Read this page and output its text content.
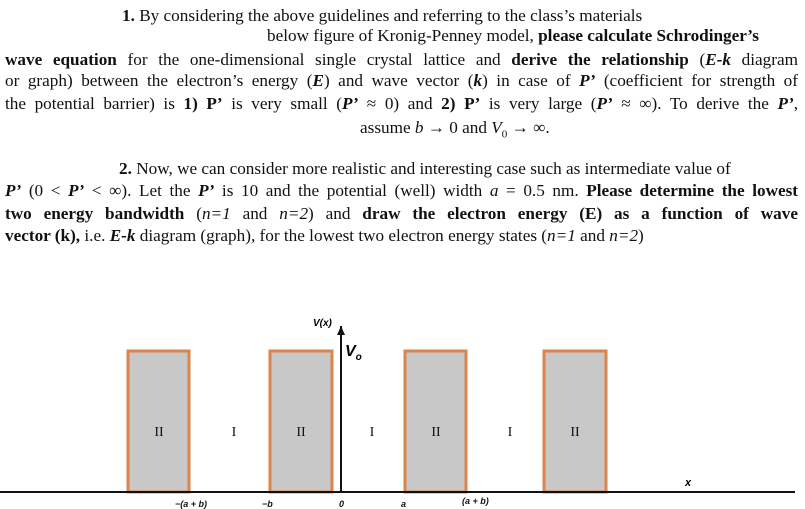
1. By considering the above guidelines and referring to the class’s materials
below figure of Kronig-Penney model, please calculate Schrodinger’s
wave equation for the one-dimensional single crystal lattice and derive the relationship (E-k diagram
or graph) between the electron’s energy (E) and wave vector (k) in case of P’ (coefficient for strength of
the potential barrier) is 1) P’ is very small (P’ ≈ 0) and 2) P’ is very large (P’ ≈ ∞). To derive the P’,
assume b → 0 and $V_0$ → ∞.
2. Now, we can consider more realistic and interesting case such as intermediate value of
P’ (0 < P’ < ∞). Let the P’ is 10 and the potential (well) width a = 0.5 nm. Please determine the lowest
two energy bandwidth (n=1 and n=2) and draw the electron energy (E) as a function of wave
vector (k), i.e. E-k diagram (graph), for the lowest two electron energy states (n=1 and n=2)
V(x)
$V_o$
x
II	I	II	I	II	I	II
−(a + b)	−b	0	a	(a + b)
